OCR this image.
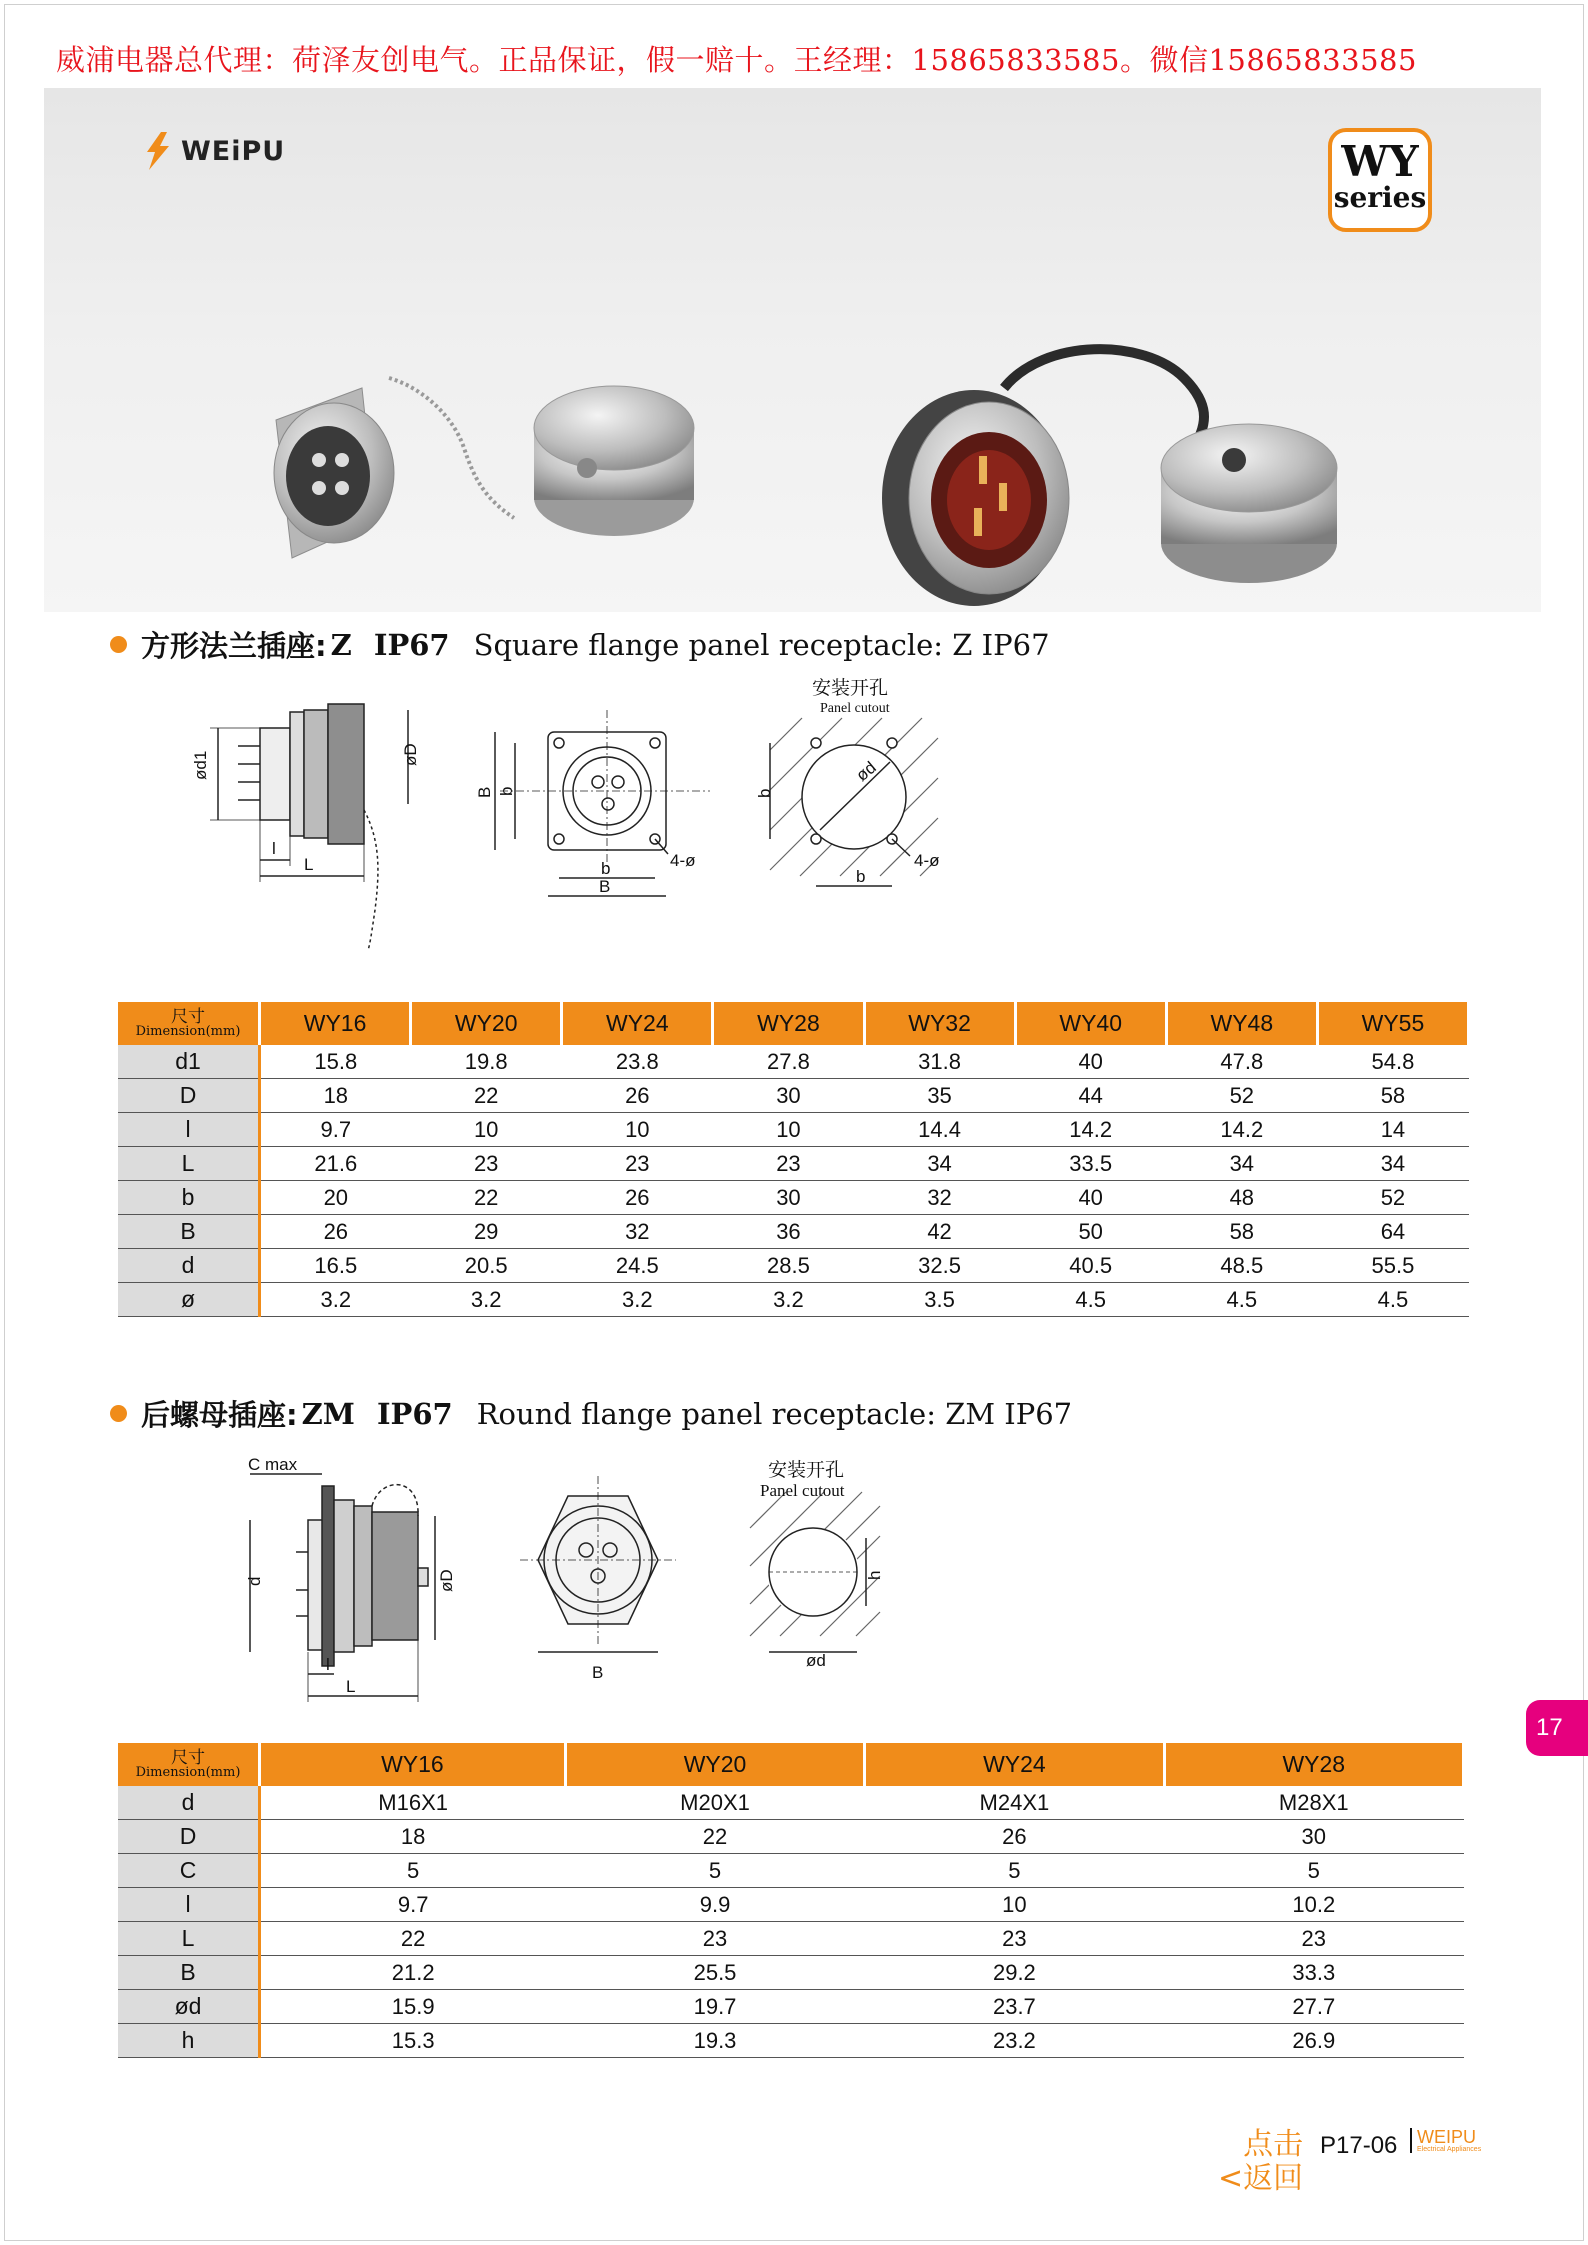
威浦电器总代理：荷泽友创电气。正品保证，假一赔十。王经理：15865833585。微信15865833585
WEiPU	WY
series
方形法兰插座: Z IP67 Square flange panel receptacle: Z IP67
ød1	øD
l
L
B b
b
B
4-ø
b
ød
b
4-ø
安装开孔
Panel cutout
尺寸
Dimension(mm)	WY16	WY20	WY24	WY28	WY32	WY40	WY48	WY55
d1	15.8	19.8	23.8	27.8	31.8	40	47.8	54.8
D	18	22	26	30	35	44	52	58
l	9.7	10	10	10	14.4	14.2	14.2	14
L	21.6	23	23	23	34	33.5	34	34
b	20	22	26	30	32	40	48	52
B	26	29	32	36	42	50	58	64
d	16.5	20.5	24.5	28.5	32.5	40.5	48.5	55.5
ø	3.2	3.2	3.2	3.2	3.5	4.5	4.5	4.5
后螺母插座: ZM IP67 Round flange panel receptacle: ZM IP67
C max
d	øD
l
L
B
h
ød
安装开孔
Panel cutout
尺寸
Dimension(mm)	WY16	WY20	WY24	WY28
d	M16X1	M20X1	M24X1	M28X1
D	18	22	26	30
C	5	5	5	5
l	9.7	9.9	10	10.2
L	22	23	23	23
B	21.2	25.5	29.2	33.3
ød	15.9	19.7	23.7	27.7
h	15.3	19.3	23.2	26.9
17
点击
<返回
P17-06 WEIPU
Electrical Appliances
